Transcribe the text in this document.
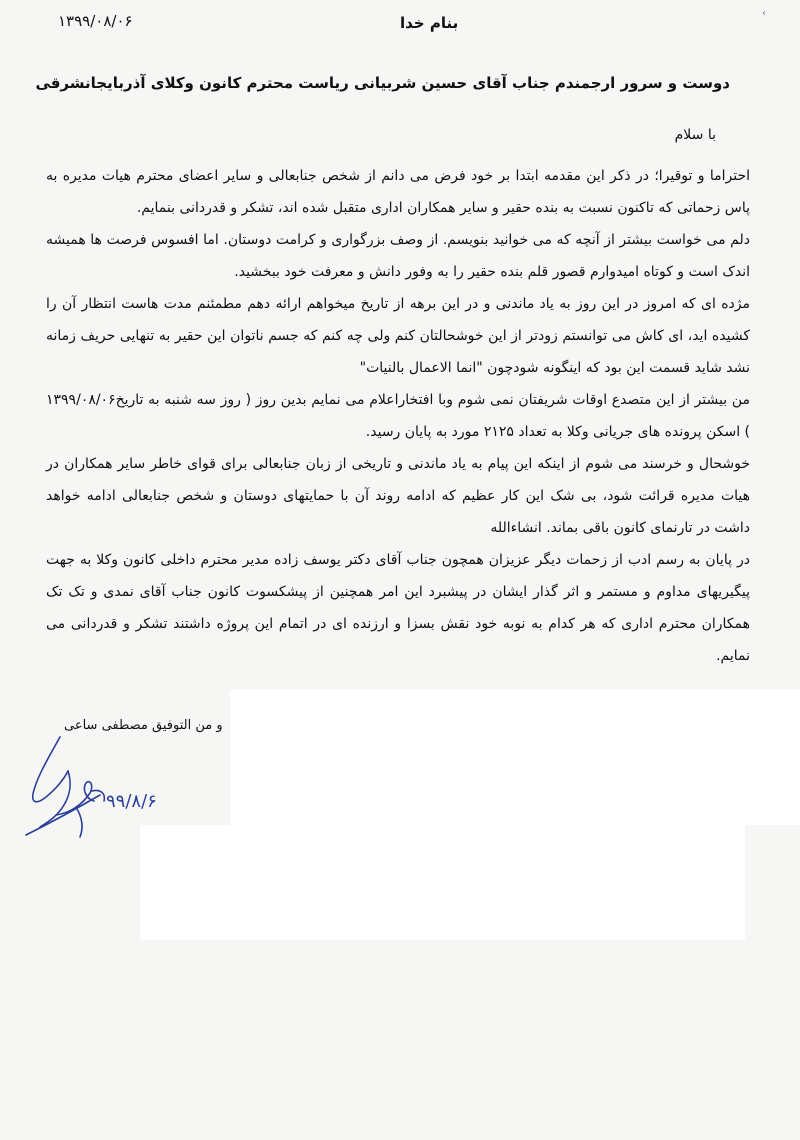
‹
۱۳۹۹/۰۸/۰۶	بنام خدا
دوست و سرور ارجمندم جناب آقای حسین شربیانی ریاست محترم کانون وکلای آذربایجانشرقی
با سلام

احتراما و توقیرا؛ در ذکر این مقدمه ابتدا بر خود فرض می دانم از شخص جنابعالی و سایر اعضای محترم هیات مدیره به پاس زحماتی که تاکنون نسبت به بنده حقیر و سایر همکاران اداری متقبل شده اند، تشکر و قدردانی بنمایم.

دلم می خواست بیشتر از آنچه که می خوانید بنویسم. از وصف بزرگواری و کرامت دوستان. اما افسوس فرصت ها همیشه اندک است و کوتاه امیدوارم قصور قلم بنده حقیر را به وفور دانش و معرفت خود ببخشید.

مژده ای که امروز در این روز به یاد ماندنی و در این برهه از تاریخ میخواهم ارائه دهم مطمئنم مدت هاست انتظار آن را کشیده اید، ای کاش می توانستم زودتر از این خوشحالتان کنم ولی چه کنم که جسم ناتوان این حقیر به تنهایی حریف زمانه نشد شاید قسمت این بود که اینگونه شودچون "انما الاعمال بالنیات"

من بیشتر از این متصدع اوقات شریفتان نمی شوم وبا افتخاراعلام می نمایم بدین روز ( روز سه شنبه به تاریخ۱۳۹۹/۰۸/۰۶ ) اسکن پرونده های جریانی وکلا به تعداد ۲۱۲۵ مورد به پایان رسید.

خوشحال و خرسند می شوم از اینکه این پیام به یاد ماندنی و تاریخی از زبان جنابعالی برای قوای خاطر سایر همکاران در هیات مدیره قرائت شود، بی شک این کار عظیم که ادامه روند آن با حمایتهای دوستان و شخص جنابعالی ادامه خواهد داشت در تارنمای کانون باقی بماند. انشاءالله

در پایان به رسم ادب از زحمات دیگر عزیزان همچون جناب آقای دکتر یوسف زاده مدیر محترم داخلی کانون وکلا به جهت پیگیریهای مداوم و مستمر و اثر گذار ایشان در پیشبرد این امر همچنین از پیشکسوت کانون جناب آقای نمدی و تک تک همکاران محترم اداری که هر کدام به نوبه خود نقش بسزا و ارزنده ای در اتمام این پروژه داشتند تشکر و قدردانی می نمایم.

و من التوفیق مصطفی ساعی
۹۹/۸/۶
